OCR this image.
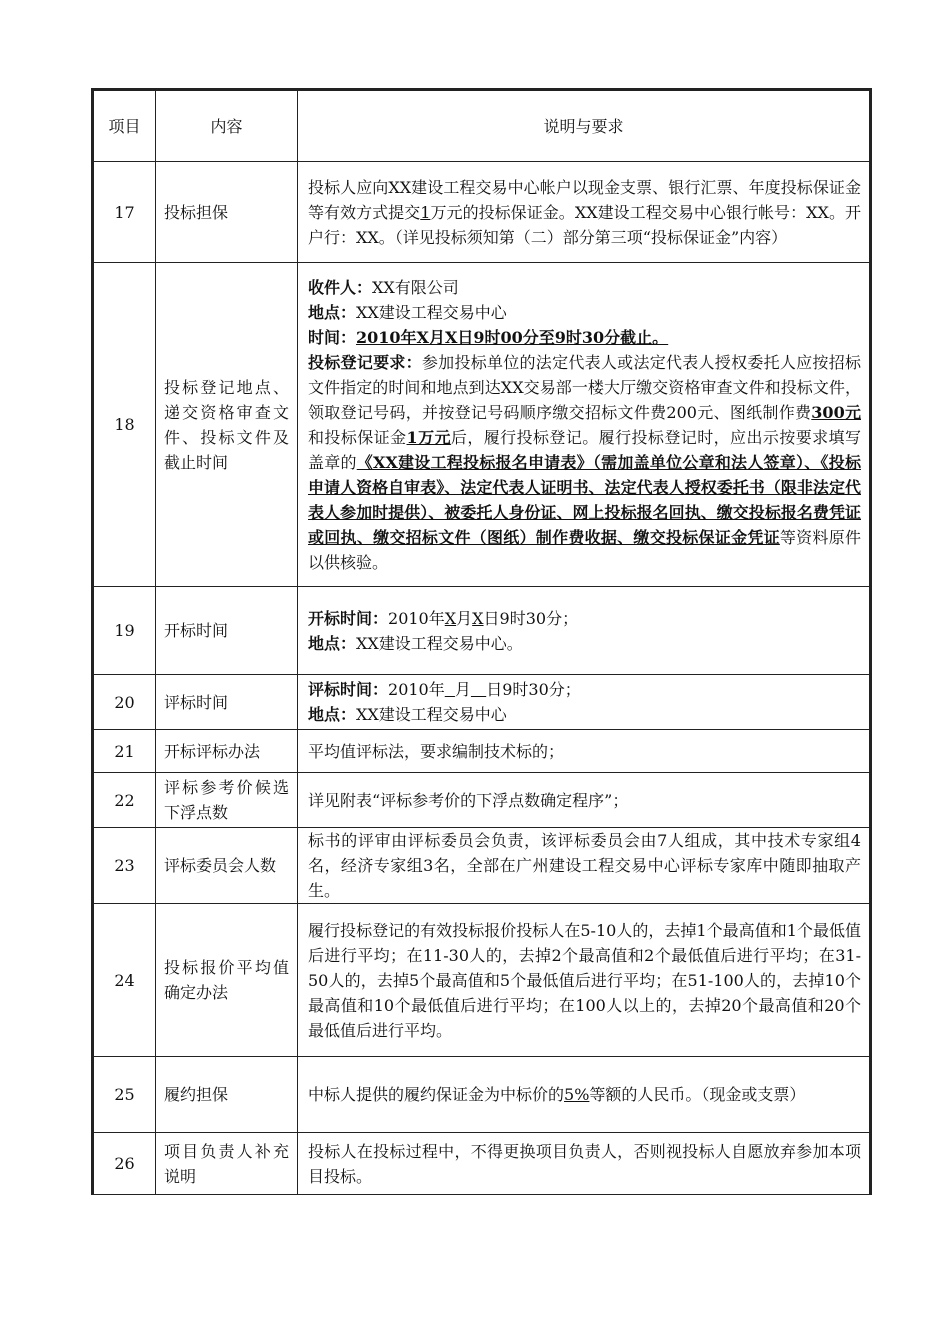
项目	内容	说明与要求
17	投标担保	投标人应向XX建设工程交易中心帐户以现金支票、银行汇票、年度投标保证金等有效方式提交1万元的投标保证金。XX建设工程交易中心银行帐号：XX。开户行：XX。（详见投标须知第（二）部分第三项“投标保证金”内容）
18	投标登记地点、递交资格审查文件、投标文件及截止时间	收件人：XX有限公司
地点：XX建设工程交易中心
时间：2010年X月X日9时00分至9时30分截止。
投标登记要求：参加投标单位的法定代表人或法定代表人授权委托人应按招标文件指定的时间和地点到达XX交易部一楼大厅缴交资格审查文件和投标文件，领取登记号码，并按登记号码顺序缴交招标文件费200元、图纸制作费300元和投标保证金1万元后，履行投标登记。履行投标登记时，应出示按要求填写盖章的《XX建设工程投标报名申请表》（需加盖单位公章和法人签章）、《投标申请人资格自审表》、法定代表人证明书、法定代表人授权委托书（限非法定代表人参加时提供）、被委托人身份证、网上投标报名回执、缴交投标报名费凭证或回执、缴交招标文件（图纸）制作费收据、缴交投标保证金凭证等资料原件以供核验。

19	开标时间	开标时间：2010年X月X日9时30分；
地点：XX建设工程交易中心。

20	评标时间	评标时间：2010年 月 日9时30分；
地点：XX建设工程交易中心

21	开标评标办法	平均值评标法，要求编制技术标的；
22	评标参考价候选下浮点数	详见附表“评标参考价的下浮点数确定程序”；
23	评标委员会人数	标书的评审由评标委员会负责，该评标委员会由7人组成，其中技术专家组4名，经济专家组3名，全部在广州建设工程交易中心评标专家库中随即抽取产生。
24	投标报价平均值确定办法	履行投标登记的有效投标报价投标人在5-10人的，去掉1个最高值和1个最低值后进行平均；在11-30人的，去掉2个最高值和2个最低值后进行平均；在31-50人的，去掉5个最高值和5个最低值后进行平均；在51-100人的，去掉10个最高值和10个最低值后进行平均；在100人以上的，去掉20个最高值和20个最低值后进行平均。
25	履约担保	中标人提供的履约保证金为中标价的5%等额的人民币。（现金或支票）
26	项目负责人补充说明	投标人在投标过程中，不得更换项目负责人，否则视投标人自愿放弃参加本项目投标。
